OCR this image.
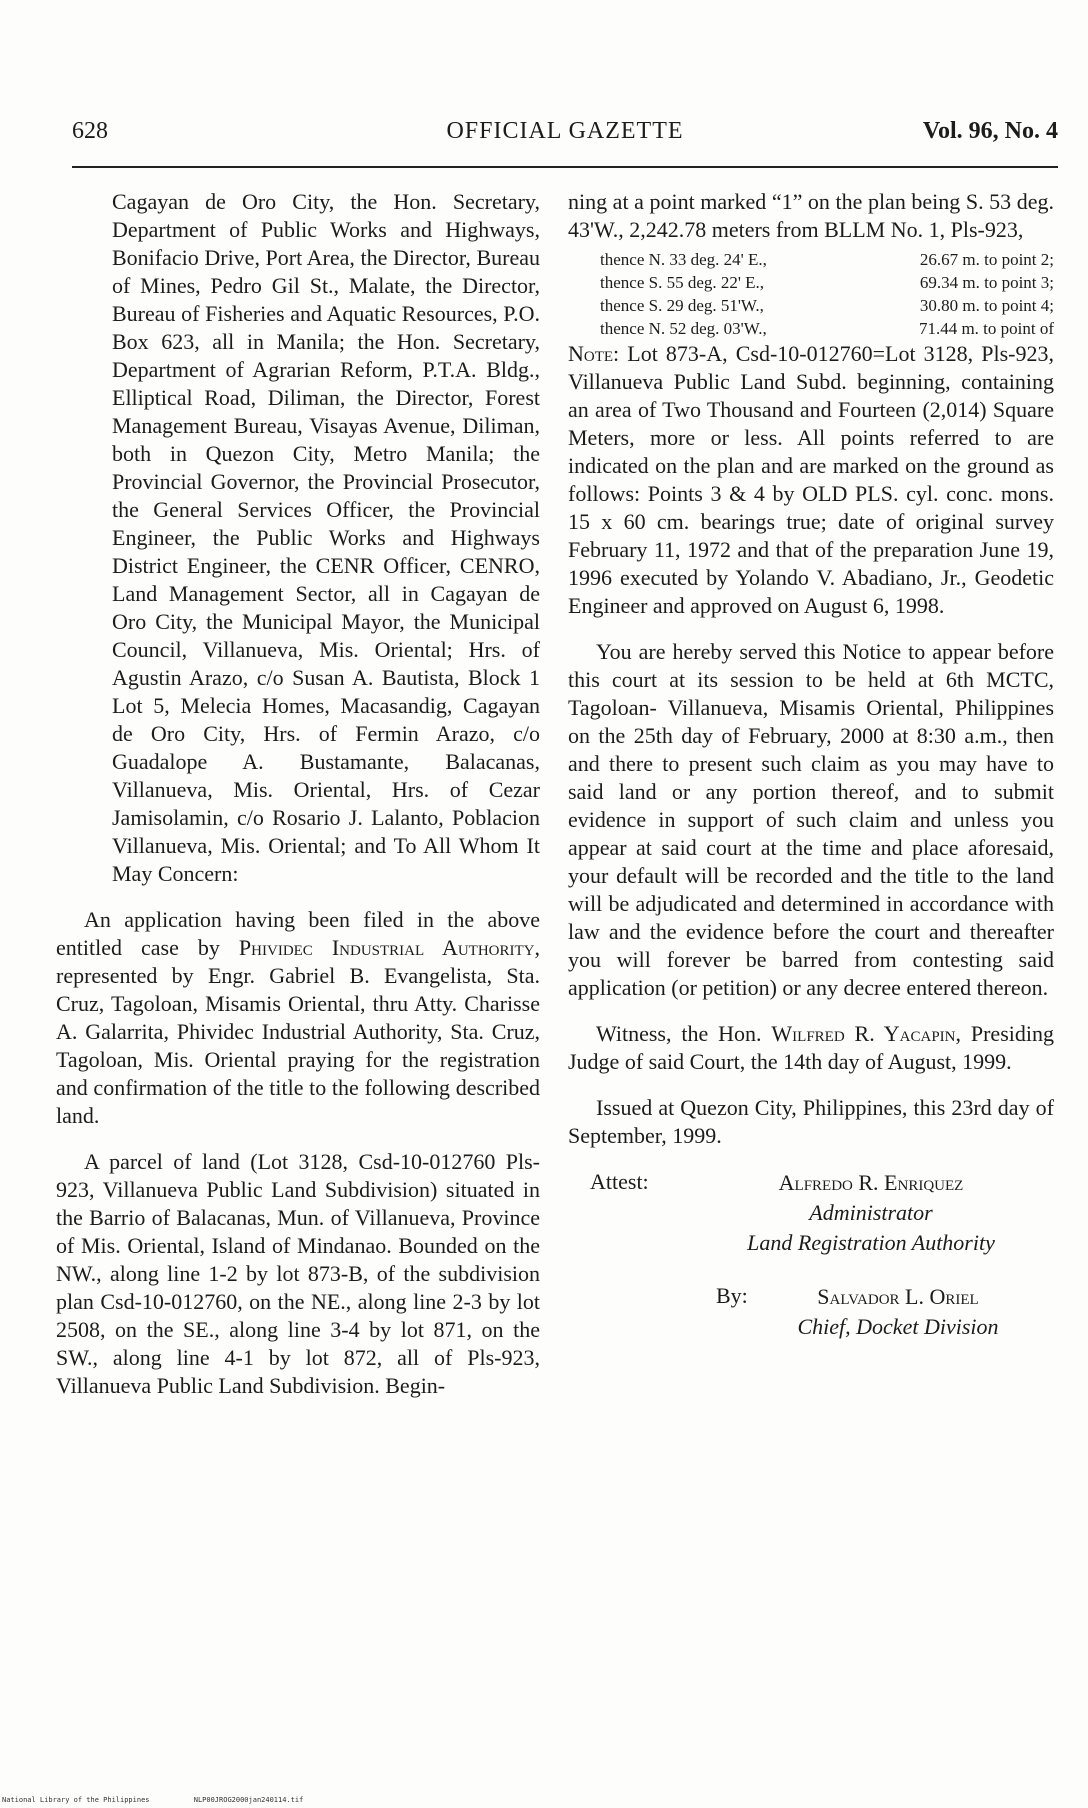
628	OFFICIAL GAZETTE	Vol. 96, No. 4

Cagayan de Oro City, the Hon. Secretary, Department of Public Works and Highways, Bonifacio Drive, Port Area, the Director, Bureau of Mines, Pedro Gil St., Malate, the Director, Bureau of Fisheries and Aquatic Resources, P.O. Box 623, all in Manila; the Hon. Secretary, Department of Agrarian Reform, P.T.A. Bldg., Elliptical Road, Diliman, the Director, Forest Management Bureau, Visayas Avenue, Diliman, both in Quezon City, Metro Manila; the Provincial Governor, the Provincial Prosecutor, the General Services Officer, the Provincial Engineer, the Public Works and Highways District Engineer, the CENR Officer, CENRO, Land Management Sector, all in Cagayan de Oro City, the Municipal Mayor, the Municipal Council, Villanueva, Mis. Oriental; Hrs. of Agustin Arazo, c/o Susan A. Bautista, Block 1 Lot 5, Melecia Homes, Macasandig, Cagayan de Oro City, Hrs. of Fermin Arazo, c/o Guadalope A. Bustamante, Balacanas, Villanueva, Mis. Oriental, Hrs. of Cezar Jamisolamin, c/o Rosario J. Lalanto, Poblacion Villanueva, Mis. Oriental; and To All Whom It May Concern:

An application having been filed in the above entitled case by Phividec Industrial Authority, represented by Engr. Gabriel B. Evangelista, Sta. Cruz, Tagoloan, Misamis Oriental, thru Atty. Charisse A. Galarrita, Phividec Industrial Authority, Sta. Cruz, Tagoloan, Mis. Oriental praying for the registration and confirmation of the title to the following described land.

A parcel of land (Lot 3128, Csd-10-012760 Pls-923, Villanueva Public Land Subdivision) situated in the Barrio of Balacanas, Mun. of Villanueva, Province of Mis. Oriental, Island of Mindanao. Bounded on the NW., along line 1-2 by lot 873-B, of the subdivision plan Csd-10-012760, on the NE., along line 2-3 by lot 2508, on the SE., along line 3-4 by lot 871, on the SW., along line 4-1 by lot 872, all of Pls-923, Villanueva Public Land Subdivision. Begin-

ning at a point marked “1” on the plan being S. 53 deg. 43'W., 2,242.78 meters from BLLM No. 1, Pls-923,

thence N. 33 deg. 24' E.,	26.67 m. to point 2;
thence S. 55 deg. 22' E.,	69.34 m. to point 3;
thence S. 29 deg. 51'W.,	30.80 m. to point 4;
thence N. 52 deg. 03'W.,	71.44 m. to point of

Note: Lot 873-A, Csd-10-012760=Lot 3128, Pls-923, Villanueva Public Land Subd. beginning, containing an area of Two Thousand and Fourteen (2,014) Square Meters, more or less. All points referred to are indicated on the plan and are marked on the ground as follows: Points 3 & 4 by OLD PLS. cyl. conc. mons. 15 x 60 cm. bearings true; date of original survey February 11, 1972 and that of the preparation June 19, 1996 executed by Yolando V. Abadiano, Jr., Geodetic Engineer and approved on August 6, 1998.

You are hereby served this Notice to appear before this court at its session to be held at 6th MCTC, Tagoloan- Villanueva, Misamis Oriental, Philippines on the 25th day of February, 2000 at 8:30 a.m., then and there to present such claim as you may have to said land or any portion thereof, and to submit evidence in support of such claim and unless you appear at said court at the time and place aforesaid, your default will be recorded and the title to the land will be adjudicated and determined in accordance with law and the evidence before the court and thereafter you will forever be barred from contesting said application (or petition) or any decree entered thereon.

Witness, the Hon. Wilfred R. Yacapin, Presiding Judge of said Court, the 14th day of August, 1999.

Issued at Quezon City, Philippines, this 23rd day of September, 1999.

Attest:	Alfredo R. Enriquez
Administrator
Land Registration Authority
By:	Salvador L. Oriel
Chief, Docket Division
National Library of the Philippines	NLP00JROG2000jan240114.tif
